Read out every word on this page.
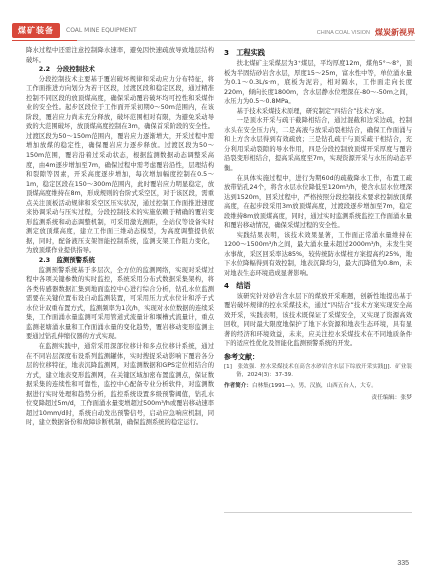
煤矿装备	COAL MINE EQUIPMENT	CHINA COAL VISION 煤炭新视界

降水过程中还需注意控制降水速率，避免因快速疏放导致地层结构破坏。

2.2　分段控制技术

分段控制技术主要基于覆岩破坏规律和采动应力分布特征，将工作面推进方向划分为若干区段，过渡区段和稳定区段，通过精准控制不同区段的放顶煤高度，确保采动覆岩破坏均可控性和采煤作业的安全性。起步区段位于工作面开采初期0～50m范围内，在该阶段，覆岩应力尚未充分释放，破坏范围相对有限，为避免采动导致的大范围破坏，放顶煤高度控制在3m，确保首采阶段的安全性。过渡区段为50～150m范围内，覆岩应力逐渐增大，开采过程中需增加放煤的稳定性，确保覆岩应力逐步释放。过渡区段为50～150m范围，覆岩沿着过采动状态，根据监测数据动态调整采高度，由4m逐步增加至7m，确保过程中需考虑覆岩沿性，层理结构和裂隙等因素，开采高度逐步增加，每次增加幅度控制在0.5～1m，稳定区段在150～300m范围内，此时覆岩应力明显稳定，放顶煤高度维持在8m，形成规则的台阶式采空区，对于该区段，需重点关注顶板活动规律和采空区压实状况，通过控制工作面推进速度来协调采动与压实过程，分段控制技术的实施依赖于精确的覆岩变形监测系统和动态调整机制，可采用激光测距，全站仪等设备实时测定放顶煤高度，建立工作面三维动态模型，为高度调整提供依据，同时，配备液压支架智能控制系统，监测支架工作阻力变化，为放顶煤作业提供指导。

2.3　监测预警系统

监测预警系统基于多层次，全方位的监测网络，实现对采煤过程中各项关键参数的实时监控，系统采用分布式数据采集架构，将各类传感器数据汇集到地面监控中心进行综合分析，钻孔水位监测需要在关键位置布设自动监测装置，可采用压力式水位计和浮子式水位计双重布置方式，监测频率为1次/h，实现对水位数据的连续采集，工作面涌水量监测可采用管道式流量计和堰槽式流量计，重点监测老塘涌水量和工作面涌水量的变化趋势，覆岩移动变形监测主要通过钻孔伸缩仪器的方式实现。

在监测实践中，通常采用深部位移计和多点位移计系统，通过在不同岩层深度布设系列监测罐体，实时搜捉采动影响下覆岩各分层的位移特征，地表沉降监测网，对监测数据和GPS定位相结合的方式，建立地表变形监测网，在关键区域加密布置监测点，保证数据采集的连续性和可靠性，监控中心配备专业分析软件，对监测数据进行实时处理和趋势分析，监控系统设置多级预警阈值，钻孔水位变降超过5m/d，工作面涌水量变增超过500m³/h或覆岩移动速率超过10mm/d时，系统自动发出预警信号，启动应急响应机制，同时，建立数据备份和故障诊断机制，确保监测系统的稳定运行。

3　工程实践

扶北煤矿主采煤层为3⁺煤层，平均厚度12m，煤角5°～8°，顶板为半固结砂岩含水层，厚度15～25m，富水性中等，单位涌水量为0.1～0.3L/s·m，底板为泥岩，相对隔水，工作面走向长度220m，倾向长度1800m，含水层静水位埋深在-80～-50m之间，水压力为0.5～0.8MPa。

基于技术采煤技术原理，研究制定“四结合”技术方案。

一是顶水开采与疏干截降相结合，通过混截和边采边疏，控制水头在安全压力内，二是高液与放采动裂相结合，确保工作面涌与和上方含水层得到有效疏放；三是钻孔疏干与顶采疏干相结合，充分利用采动裂隙的导水作用，四是分段控制放顶煤开采厚度与覆岩沿裂变形相结合，提高采高度至7m，实现资源开采与水压的动态平衡。

在具体实施过程中，进行为期60d的疏截降水工作，布置工疏放带钻孔24个，将含水层水位降低至120m³/h，使含水层水位埋深达到1520m，回采过程中，严格按照分段控制技术要求控制放顶煤高度，在起步段采用3m放顶煤高度，过渡段逐步增加至7m，稳定段维持8m放顶煤高度，同时，通过实时监测系统监控工作面涌水量和覆岩移动情况，确保采煤过程的安全性。

实践结果表明，该技术效果显著，工作面正常涌水量维持在1200～1500m³/h之间，最大涌水量未超过2000m³/h，未发生突水事故，采区回采率达85%，较传统防水煤柱方案提高约25%，地下水位降幅得到有效控制，地表沉降均匀，最大沉降值为0.8m，未对地表生态环境造成显著影响。

4　结语

该研究针对砂岩含水层下的煤放开采难题，创新性地提出基于覆岩破坏规律的控水采煤技术，通过“四结合”技术方案实现安全高效开采，实践表明，该技术既保证了采煤安全，又实现了资源高效回收，同时最大限度地保护了地下水资源和地表生态环境，具有显著的经济和环境效益，未来，应关注控水采煤技术在不同地质条件下的适应性优化及智能化监测预警系统的开发。

参考文献：
[1]　张效强．控水采煤技术在高含水砂岩含水层下综放开采实践[J]．矿业装备，2024(3)：37-39.
作者简介：白林集(1991—)，男，汉族，山西五台人，大专。
责任编辑：张梦
335
